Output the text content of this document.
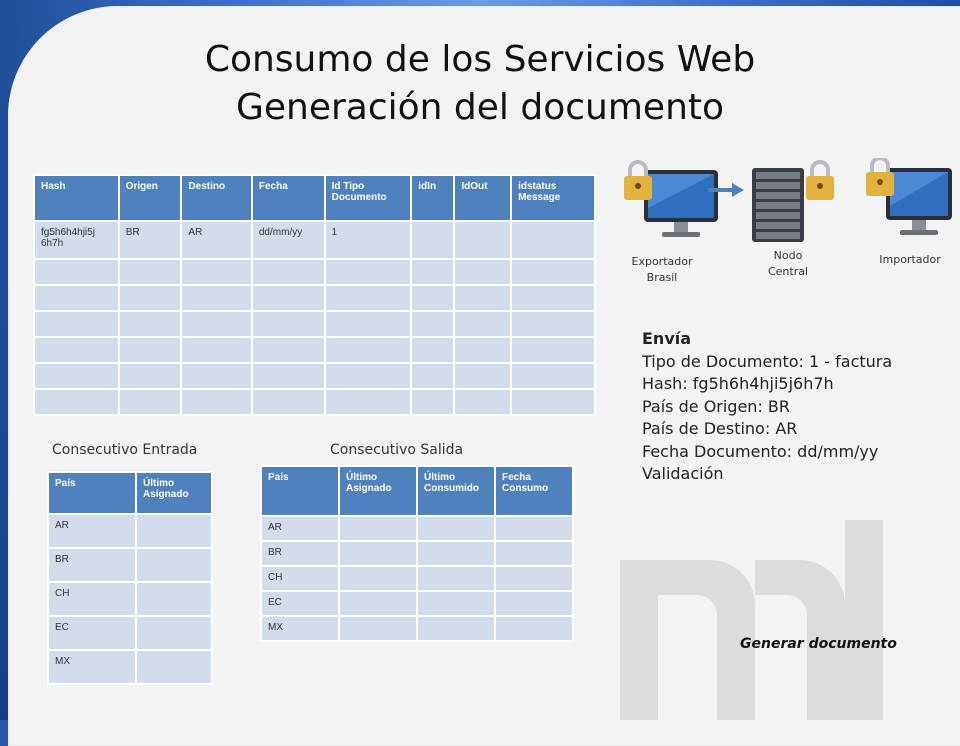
Consumo de los Servicios Web
Generación del documento
Hash	Origen	Destino	Fecha	Id Tipo Documento	idIn	IdOut	idstatus Message
fg5h6h4hji5j 6h7h	BR	AR	dd/mm/yy	1			

Exportador Brasil
Nodo Central
Importador
Envía
Tipo de Documento: 1 - factura
Hash: fg5h6h4hji5j6h7h
País de Origen: BR
País de Destino: AR
Fecha Documento: dd/mm/yy
Validación
Consecutivo Entrada
País	Último Asignado
AR	
BR	
CH	
EC	
MX	
Consecutivo Salida
País	Último Asignado	Último Consumido	Fecha Consumo
AR			
BR			
CH			
EC			
MX			
Generar documento
